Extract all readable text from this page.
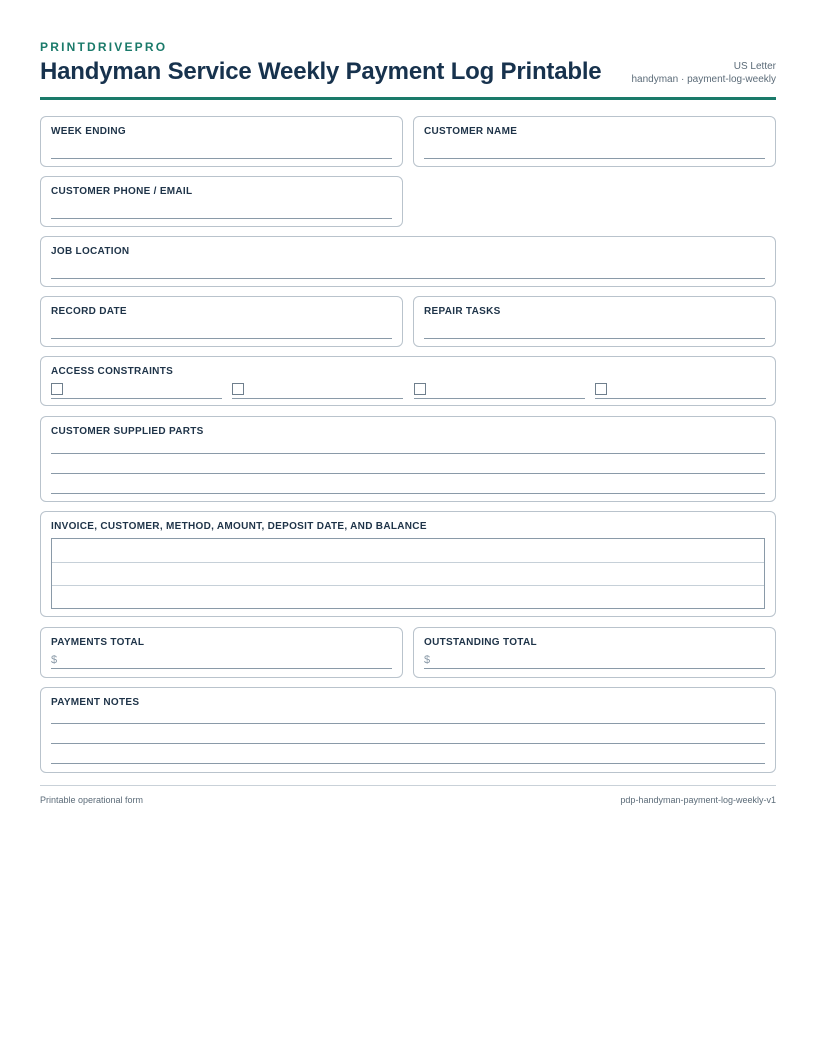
PRINTDRIVEPRO
Handyman Service Weekly Payment Log Printable	US Letter
handyman · payment-log-weekly
WEEK ENDING	CUSTOMER NAME
CUSTOMER PHONE / EMAIL
JOB LOCATION
RECORD DATE	REPAIR TASKS
ACCESS CONSTRAINTS
CUSTOMER SUPPLIED PARTS
INVOICE, CUSTOMER, METHOD, AMOUNT, DEPOSIT DATE, AND BALANCE
PAYMENTS TOTAL
$
OUTSTANDING TOTAL
$
PAYMENT NOTES
Printable operational form	pdp-handyman-payment-log-weekly-v1
